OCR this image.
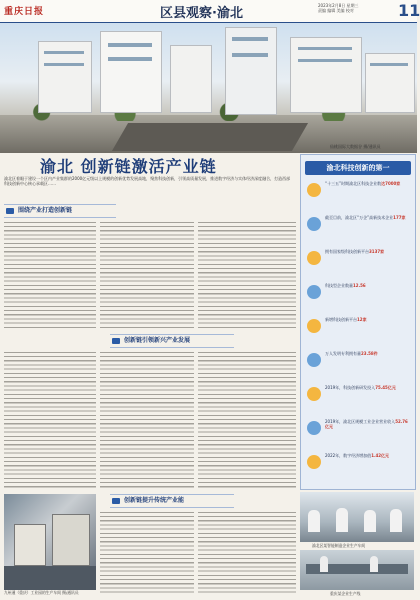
重庆日报	区县观察·渝北
2023年2月8日 星期三
责编 编辑 美编 校对	11
仙桃国际大数据谷 摄/通讯员
渝北 创新链激活产业链
渝北区着眼于建设一个区内产业集群的2000亿元级以上规模的创新优势发展高地，聚焦科技创新，引领高质量发展，推进数字经济与实体经济深度融合，打造西部科技创新中心核心承载区……
围绕产业打造创新链
创新链引领新兴产业发展
渝北科技创新的第一
“十三五”时期渝北区科技企业数达7000家
截至目前，渝北区“万企”高新技术企业177家
拥有国家级科技创新平台3137家
科技型企业数量12.56
新增科技创新平台12家
万人发明专利拥有量23.58件
2019年，科技创新研发投入75.45亿元
2019年，渝北区规模工业企业营业收入52.76亿元
2022年，数字经济增加值1.42亿元
创新链提升传统产业能
九州通（重庆）工业园的生产车间 摄/通讯员
渝北区某智能制造企业生产车间
重庆某企业生产线
